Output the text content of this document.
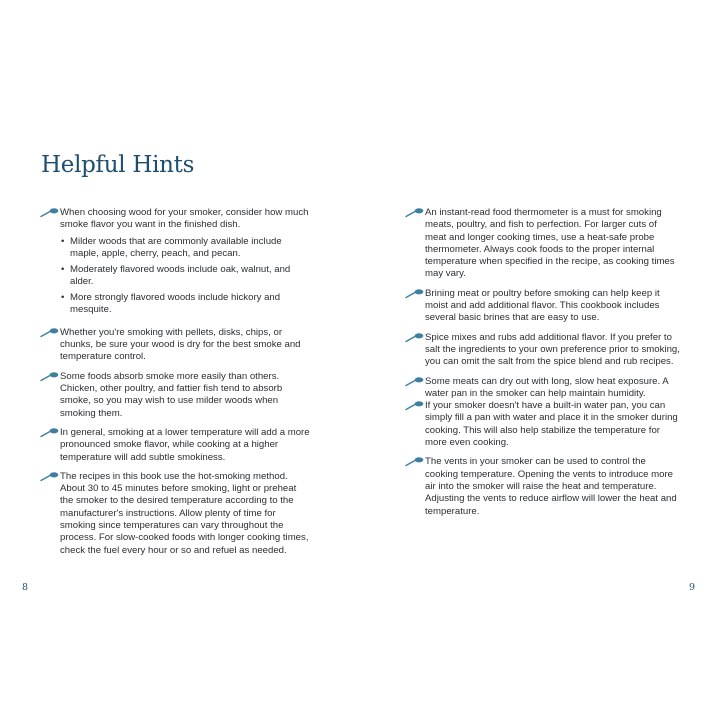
Helpful Hints

When choosing wood for your smoker, consider how much smoke flavor you want in the finished dish.

• Milder woods that are commonly available include maple, apple, cherry, peach, and pecan.
• Moderately flavored woods include oak, walnut, and alder.
• More strongly flavored woods include hickory and mesquite.

Whether you're smoking with pellets, disks, chips, or chunks, be sure your wood is dry for the best smoke and temperature control.

Some foods absorb smoke more easily than others. Chicken, other poultry, and fattier fish tend to absorb smoke, so you may wish to use milder woods when smoking them.

In general, smoking at a lower temperature will add a more pronounced smoke flavor, while cooking at a higher temperature will add subtle smokiness.

The recipes in this book use the hot-smoking method. About 30 to 45 minutes before smoking, light or preheat the smoker to the desired temperature according to the manufacturer's instructions. Allow plenty of time for smoking since temperatures can vary throughout the process. For slow-cooked foods with longer cooking times, check the fuel every hour or so and refuel as needed.

8

An instant-read food thermometer is a must for smoking meats, poultry, and fish to perfection. For larger cuts of meat and longer cooking times, use a heat-safe probe thermometer. Always cook foods to the proper internal temperature when specified in the recipe, as cooking times may vary.

Brining meat or poultry before smoking can help keep it moist and add additional flavor. This cookbook includes several basic brines that are easy to use.

Spice mixes and rubs add additional flavor. If you prefer to salt the ingredients to your own preference prior to smoking, you can omit the salt from the spice blend and rub recipes.

Some meats can dry out with long, slow heat exposure. A water pan in the smoker can help maintain humidity.

If your smoker doesn't have a built-in water pan, you can simply fill a pan with water and place it in the smoker during cooking. This will also help stabilize the temperature for more even cooking.

The vents in your smoker can be used to control the cooking temperature. Opening the vents to introduce more air into the smoker will raise the heat and temperature. Adjusting the vents to reduce airflow will lower the heat and temperature.

9
